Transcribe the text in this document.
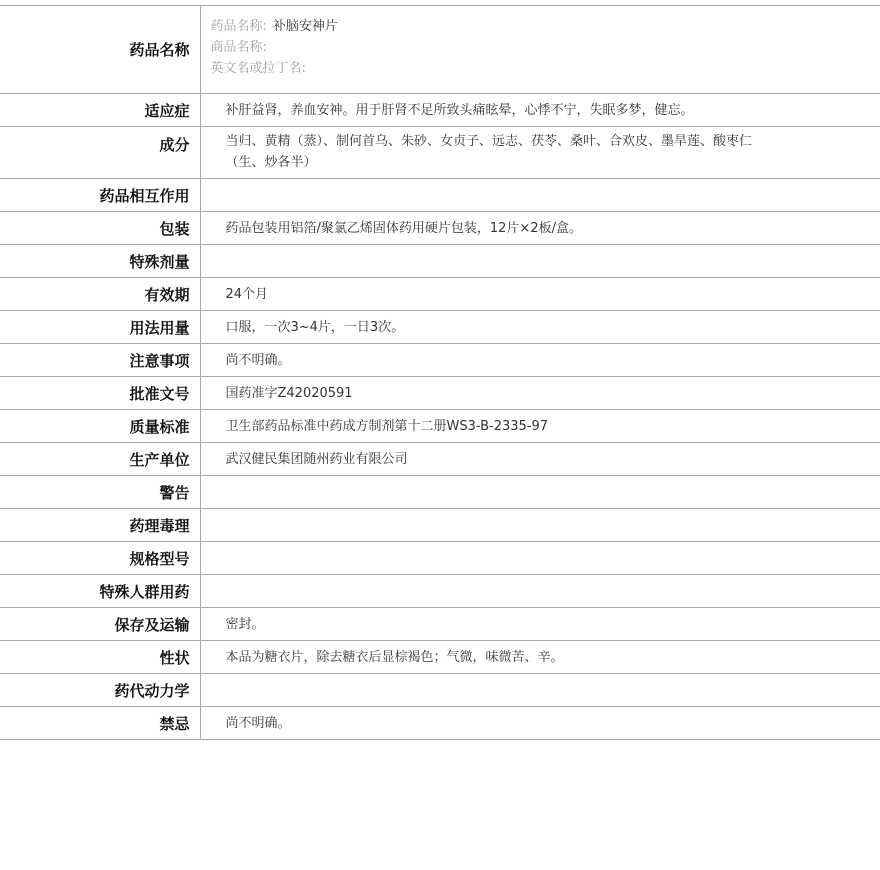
药品名称	药品名称: 补脑安神片
商品名称:
英文名或拉丁名:

适应症	补肝益肾，养血安神。用于肝肾不足所致头痛眩晕，心悸不宁，失眠多梦，健忘。
成分	当归、黄精（蒸）、制何首乌、朱砂、女贞子、远志、茯苓、桑叶、合欢皮、墨旱莲、酸枣仁（生、炒各半）
药品相互作用	
包装	药品包装用铝箔/聚氯乙烯固体药用硬片包装，12片×2板/盒。
特殊剂量	
有效期	24个月
用法用量	口服，一次3~4片，一日3次。
注意事项	尚不明确。
批准文号	国药准字Z42020591
质量标准	卫生部药品标准中药成方制剂第十二册WS3-B-2335-97
生产单位	武汉健民集团随州药业有限公司
警告	
药理毒理	
规格型号	
特殊人群用药	
保存及运输	密封。
性状	本品为糖衣片，除去糖衣后显棕褐色；气微，味微苦、辛。
药代动力学	
禁忌	尚不明确。
